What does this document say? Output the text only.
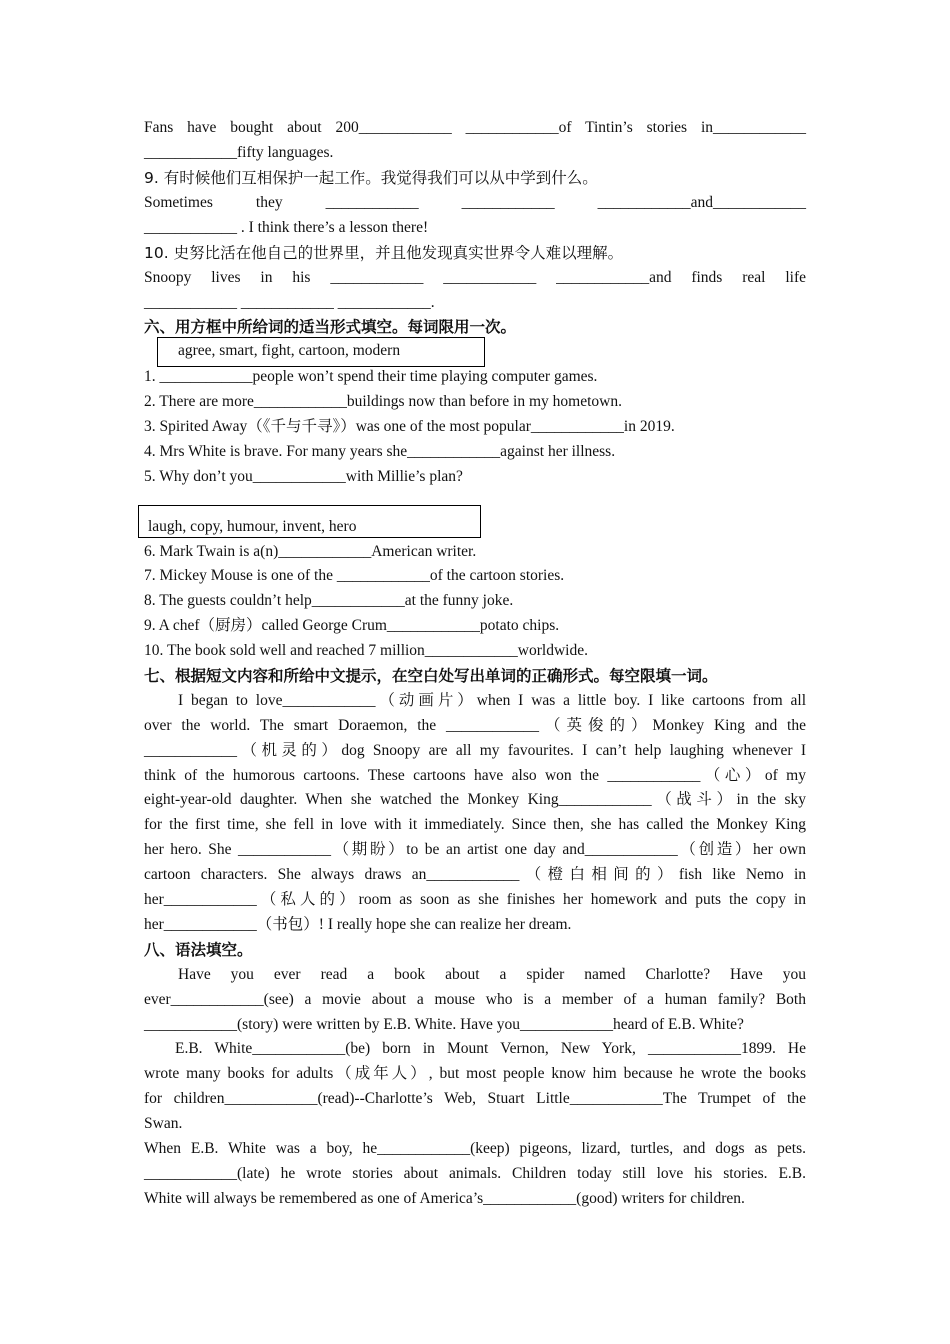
Fans have bought about 200____________ ____________of Tintin’s stories in____________
____________fifty languages.
9. 有时候他们互相保护一起工作。我觉得我们可以从中学到什么。
Sometimes they ____________ ____________ ____________and____________
____________ . I think there’s a lesson there!
10. 史努比活在他自己的世界里，并且他发现真实世界令人难以理解。
Snoopy lives in his ____________ ____________ ____________and finds real life
____________ ____________ ____________.
六、用方框中所给词的适当形式填空。每词限用一次。
agree, smart, fight, cartoon, modern
1. ____________people won’t spend their time playing computer games.
2. There are more____________buildings now than before in my hometown.
3. Spirited Away（《千与千寻》）was one of the most popular____________in 2019.
4. Mrs White is brave. For many years she____________against her illness.
5. Why don’t you____________with Millie’s plan?
laugh, copy, humour, invent, hero
6. Mark Twain is a(n)____________American writer.
7. Mickey Mouse is one of the ____________of the cartoon stories.
8. The guests couldn’t help____________at the funny joke.
9. A chef（厨房）called George Crum____________potato chips.
10. The book sold well and reached 7 million____________worldwide.
七、根据短文内容和所给中文提示，在空白处写出单词的正确形式。每空限填一词。
I began to love____________（动画片）when I was a little boy. I like cartoons from all
over the world. The smart Doraemon, the ____________（英俊的）Monkey King and the
____________（机灵的）dog Snoopy are all my favourites. I can’t help laughing whenever I
think of the humorous cartoons. These cartoons have also won the ____________（心）of my
eight-year-old daughter. When she watched the Monkey King____________（战斗）in the sky
for the first time, she fell in love with it immediately. Since then, she has called the Monkey King
her hero. She ____________（期盼）to be an artist one day and____________（创造）her own
cartoon characters. She always draws an____________（橙白相间的）fish like Nemo in
her____________（私人的）room as soon as she finishes her homework and puts the copy in
her____________（书包）! I really hope she can realize her dream.
八、语法填空。
Have you ever read a book about a spider named Charlotte? Have you
ever____________(see) a movie about a mouse who is a member of a human family? Both
____________(story) were written by E.B. White. Have you____________heard of E.B. White?
E.B. White____________(be) born in Mount Vernon, New York, ____________1899. He
wrote many books for adults（成年人）, but most people know him because he wrote the books
for children____________(read)--Charlotte’s Web, Stuart Little____________The Trumpet of the
Swan.
When E.B. White was a boy, he____________(keep) pigeons, lizard, turtles, and dogs as pets.
____________(late) he wrote stories about animals. Children today still love his stories. E.B.
White will always be remembered as one of America’s____________(good) writers for children.
